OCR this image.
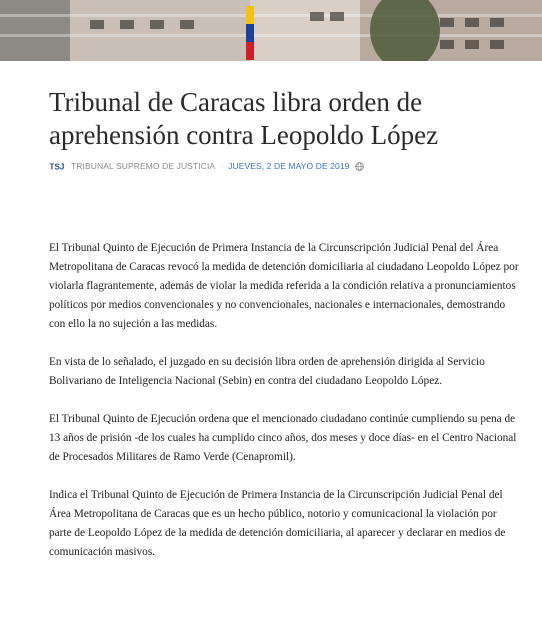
Tribunal de Caracas libra orden de aprehensión contra Leopoldo López
TSJ TRIBUNAL SUPREMO DE JUSTICIA · JUEVES, 2 DE MAYO DE 2019

El Tribunal Quinto de Ejecución de Primera Instancia de la Circunscripción Judicial Penal del Área Metropolitana de Caracas revocó la medida de detención domiciliaria al ciudadano Leopoldo López por violarla flagrantemente, además de violar la medida referida a la condición relativa a pronunciamientos políticos por medios convencionales y no convencionales, nacionales e internacionales, demostrando con ello la no sujeción a las medidas.

En vista de lo señalado, el juzgado en su decisión libra orden de aprehensión dirigida al Servicio Bolivariano de Inteligencia Nacional (Sebin) en contra del ciudadano Leopoldo López.

El Tribunal Quinto de Ejecución ordena que el mencionado ciudadano continúe cumpliendo su pena de 13 años de prisión -de los cuales ha cumplido cinco años, dos meses y doce días- en el Centro Nacional de Procesados Militares de Ramo Verde (Cenapromil).

Indica el Tribunal Quinto de Ejecución de Primera Instancia de la Circunscripción Judicial Penal del Área Metropolitana de Caracas que es un hecho público, notorio y comunicacional la violación por parte de Leopoldo López de la medida de detención domiciliaria, al aparecer y declarar en medios de comunicación masivos.
